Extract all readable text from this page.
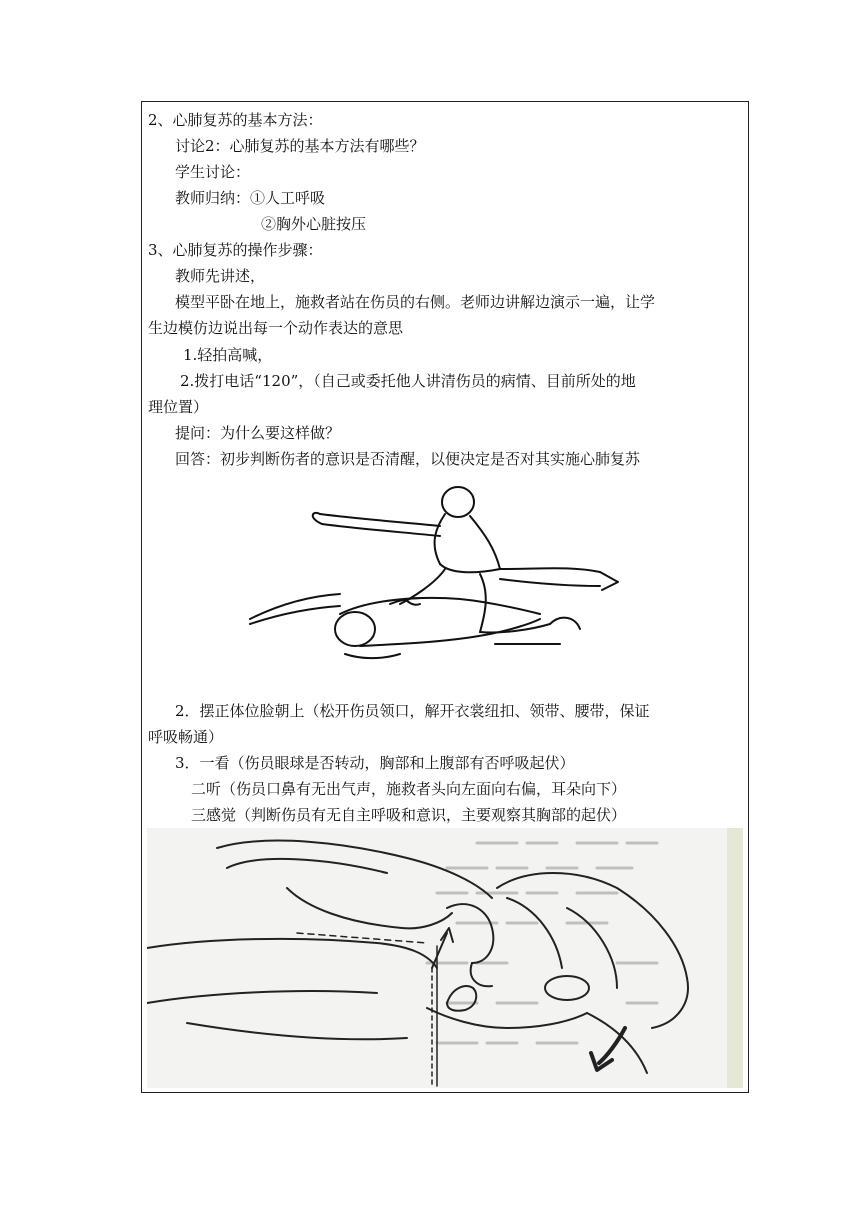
2、心肺复苏的基本方法：
讨论2：心肺复苏的基本方法有哪些？
学生讨论：
教师归纳：①人工呼吸
②胸外心脏按压
3、心肺复苏的操作步骤：
教师先讲述，
模型平卧在地上，施救者站在伤员的右侧。老师边讲解边演示一遍，让学
生边模仿边说出每一个动作表达的意思
1.轻拍高喊，
2.拨打电话“120”，（自己或委托他人讲清伤员的病情、目前所处的地
理位置）
提问：为什么要这样做？
回答：初步判断伤者的意识是否清醒，以便决定是否对其实施心肺复苏
2．摆正体位脸朝上（松开伤员领口，解开衣裳纽扣、领带、腰带，保证
呼吸畅通）
3．一看（伤员眼球是否转动，胸部和上腹部有否呼吸起伏）
二听（伤员口鼻有无出气声，施救者头向左面向右偏，耳朵向下）
三感觉（判断伤员有无自主呼吸和意识，主要观察其胸部的起伏）
